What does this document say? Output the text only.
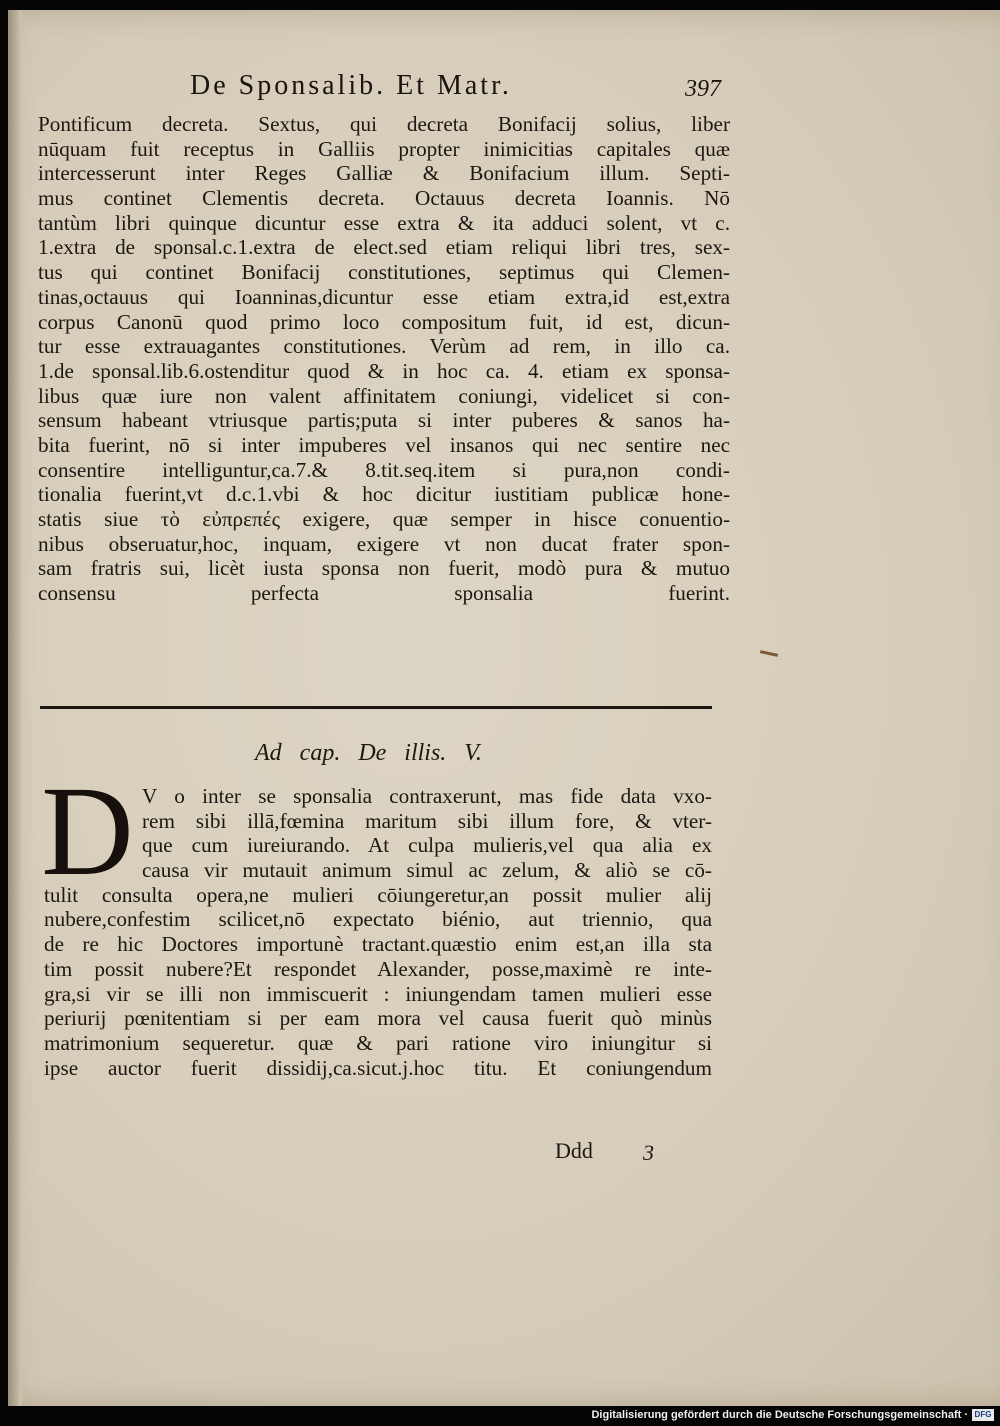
De Sponsalib. Et Matr.	397
Pontificum decreta. Sextus, qui decreta Bonifacij solius, liber
nūquam fuit receptus in Galliis propter inimicitias capitales quæ
intercesserunt inter Reges Galliæ & Bonifacium illum. Septi-
mus continet Clementis decreta. Octauus decreta Ioannis. Nō
tantùm libri quinque dicuntur esse extra & ita adduci solent, vt c.
1.extra de sponsal.c.1.extra de elect.sed etiam reliqui libri tres, sex-
tus qui continet Bonifacij constitutiones, septimus qui Clemen-
tinas,octauus qui Ioanninas,dicuntur esse etiam extra,id est,extra
corpus Canonū quod primo loco compositum fuit, id est, dicun-
tur esse extrauagantes constitutiones. Verùm ad rem, in illo ca.
1.de sponsal.lib.6.ostenditur quod & in hoc ca. 4. etiam ex sponsa-
libus quæ iure non valent affinitatem coniungi, videlicet si con-
sensum habeant vtriusque partis;puta si inter puberes & sanos ha-
bita fuerint, nō si inter impuberes vel insanos qui nec sentire nec
consentire intelliguntur,ca.7.& 8.tit.seq.item si pura,non condi-
tionalia fuerint,vt d.c.1.vbi & hoc dicitur iustitiam publicæ hone-
statis siue τὸ εὐπρεπές exigere, quæ semper in hisce conuentio-
nibus obseruatur,hoc, inquam, exigere vt non ducat frater spon-
sam fratris sui, licèt iusta sponsa non fuerit, modò pura & mutuo
consensu perfecta sponsalia fuerint.
Ad cap. De illis. V.
D V o inter se sponsalia contraxerunt, mas fide data vxo-
rem sibi illā,fœmina maritum sibi illum fore, & vter-
que cum iureiurando. At culpa mulieris,vel qua alia ex
causa vir mutauit animum simul ac zelum, & aliò se cō-
tulit consulta opera,ne mulieri cōiungeretur,an possit mulier alij
nubere,confestim scilicet,nō expectato biénio, aut triennio, qua
de re hic Doctores importunè tractant.quæstio enim est,an illa sta
tim possit nubere?Et respondet Alexander, posse,maximè re inte-
gra,si vir se illi non immiscuerit : iniungendam tamen mulieri esse
periurij pœnitentiam si per eam mora vel causa fuerit quò minùs
matrimonium sequeretur. quæ & pari ratione viro iniungitur si
ipse auctor fuerit dissidij,ca.sicut.j.hoc titu. Et coniungendum
Ddd 3
Digitalisierung gefördert durch die Deutsche Forschungsgemeinschaft · DFG
